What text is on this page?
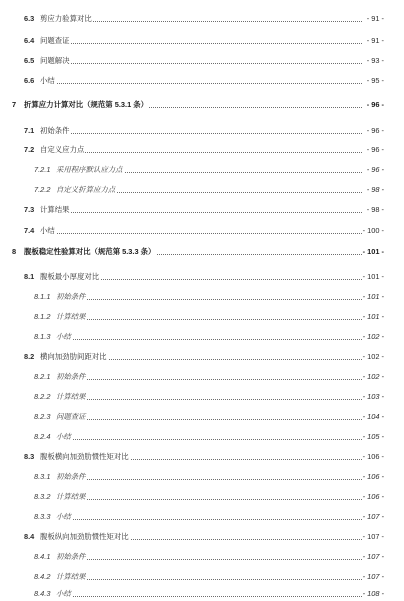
6.3 剪应力验算对比	- 91 -
6.4 问题查证	- 91 -
6.5 问题解决	- 93 -
6.6 小结	- 95 -
7 折算应力计算对比（规范第 5.3.1 条）	- 96 -
7.1 初始条件	- 96 -
7.2 自定义应力点	- 96 -
7.2.1 采用程序默认应力点	- 96 -
7.2.2 自定义折算应力点	- 98 -
7.3 计算结果	- 98 -
7.4 小结	- 100 -
8 腹板稳定性验算对比（规范第 5.3.3 条）	- 101 -
8.1 腹板最小厚度对比	- 101 -
8.1.1 初始条件	- 101 -
8.1.2 计算结果	- 101 -
8.1.3 小结	- 102 -
8.2 横向加劲肋间距对比	- 102 -
8.2.1 初始条件	- 102 -
8.2.2 计算结果	- 103 -
8.2.3 问题查证	- 104 -
8.2.4 小结	- 105 -
8.3 腹板横向加劲肋惯性矩对比	- 106 -
8.3.1 初始条件	- 106 -
8.3.2 计算结果	- 106 -
8.3.3 小结	- 107 -
8.4 腹板纵向加劲肋惯性矩对比	- 107 -
8.4.1 初始条件	- 107 -
8.4.2 计算结果	- 107 -
8.4.3 小结	- 108 -
